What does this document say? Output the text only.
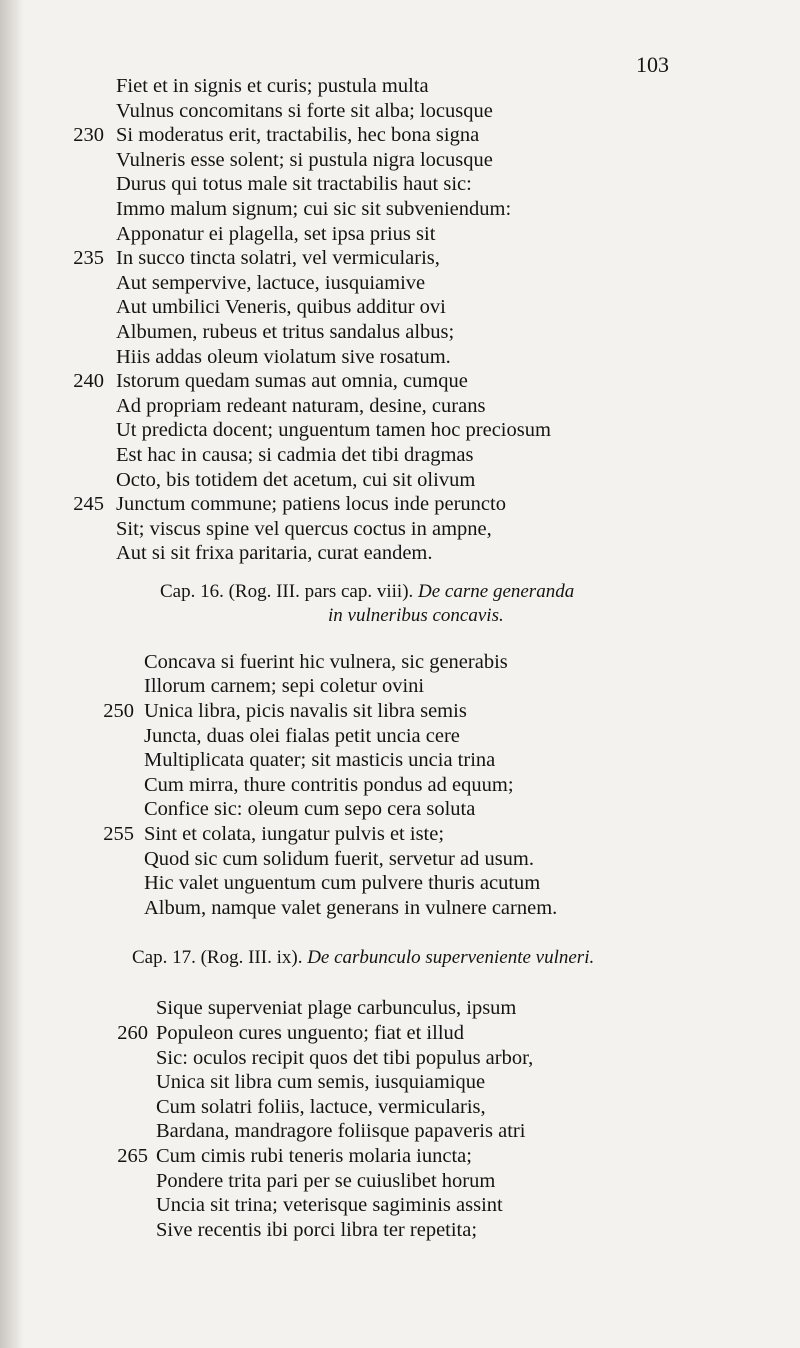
103
Fiet et in signis et curis; pustula multa
Vulnus concomitans si forte sit alba; locusque
230 Si moderatus erit, tractabilis, hec bona signa
Vulneris esse solent; si pustula nigra locusque
Durus qui totus male sit tractabilis haut sic:
Immo malum signum; cui sic sit subveniendum:
Apponatur ei plagella, set ipsa prius sit
235 In succo tincta solatri, vel vermicularis,
Aut sempervive, lactuce, iusquiamive
Aut umbilici Veneris, quibus additur ovi
Albumen, rubeus et tritus sandalus albus;
Hiis addas oleum violatum sive rosatum.
240 Istorum quedam sumas aut omnia, cumque
Ad propriam redeant naturam, desine, curans
Ut predicta docent; unguentum tamen hoc preciosum
Est hac in causa; si cadmia det tibi dragmas
Octo, bis totidem det acetum, cui sit olivum
245 Junctum commune; patiens locus inde peruncto
Sit; viscus spine vel quercus coctus in ampne,
Aut si sit frixa paritaria, curat eandem.
Cap. 16. (Rog. III. pars cap. viii). De carne generanda
in vulneribus concavis.
Concava si fuerint hic vulnera, sic generabis
Illorum carnem; sepi coletur ovini
250 Unica libra, picis navalis sit libra semis
Juncta, duas olei fialas petit uncia cere
Multiplicata quater; sit masticis uncia trina
Cum mirra, thure contritis pondus ad equum;
Confice sic: oleum cum sepo cera soluta
255 Sint et colata, iungatur pulvis et iste;
Quod sic cum solidum fuerit, servetur ad usum.
Hic valet unguentum cum pulvere thuris acutum
Album, namque valet generans in vulnere carnem.
Cap. 17. (Rog. III. ix). De carbunculo superveniente vulneri.
Sique superveniat plage carbunculus, ipsum
260 Populeon cures unguento; fiat et illud
Sic: oculos recipit quos det tibi populus arbor,
Unica sit libra cum semis, iusquiamique
Cum solatri foliis, lactuce, vermicularis,
Bardana, mandragore foliisque papaveris atri
265 Cum cimis rubi teneris molaria iuncta;
Pondere trita pari per se cuiuslibet horum
Uncia sit trina; veterisque sagiminis assint
Sive recentis ibi porci libra ter repetita;
